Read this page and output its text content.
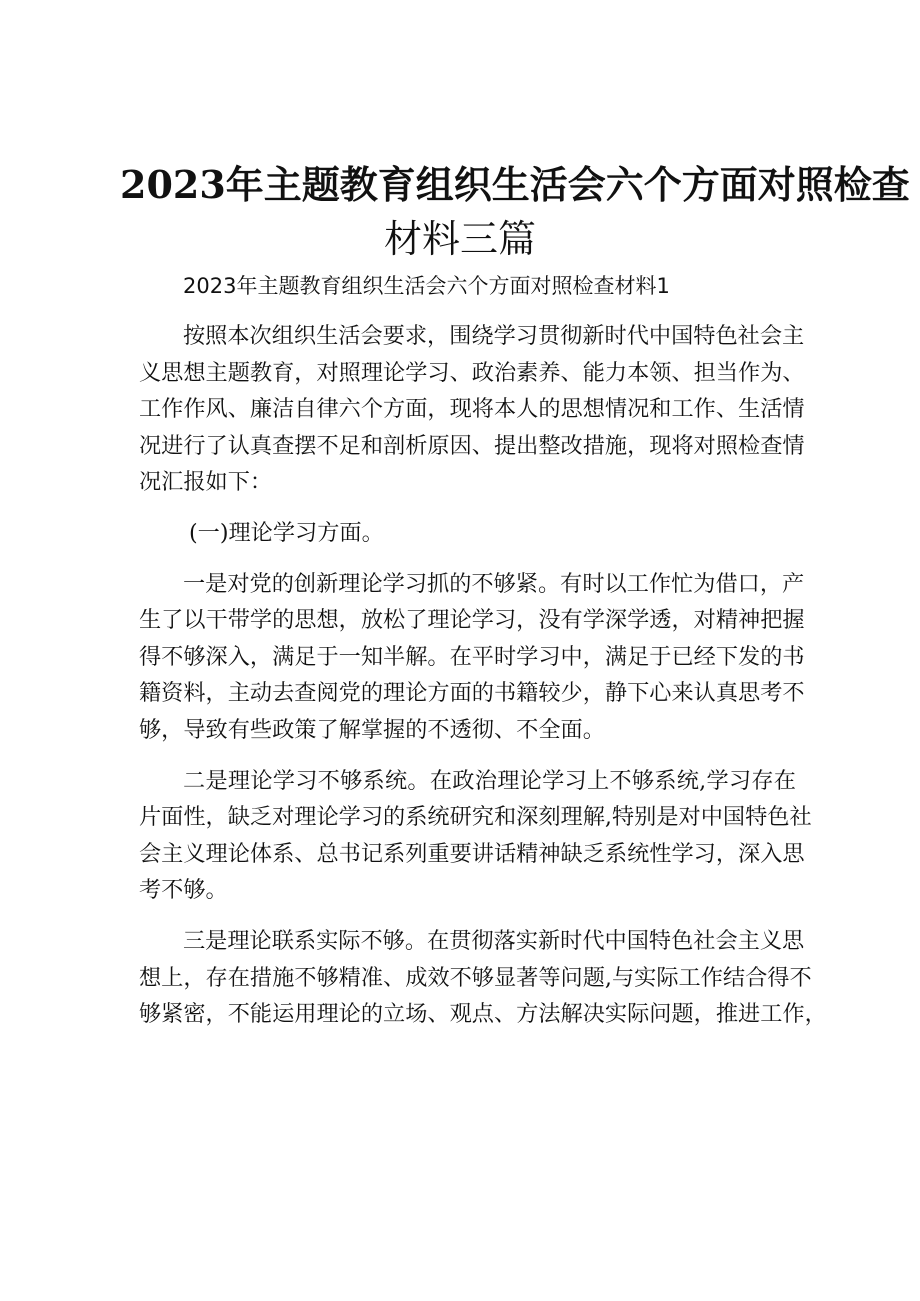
2023年主题教育组织生活会六个方面对照检查
材料三篇
2023年主题教育组织生活会六个方面对照检查材料1
按照本次组织生活会要求，围绕学习贯彻新时代中国特色社会主
义思想主题教育，对照理论学习、政治素养、能力本领、担当作为、
工作作风、廉洁自律六个方面，现将本人的思想情况和工作、生活情
况进行了认真查摆不足和剖析原因、提出整改措施，现将对照检查情
况汇报如下：
(一)理论学习方面。
一是对党的创新理论学习抓的不够紧。有时以工作忙为借口，产
生了以干带学的思想，放松了理论学习，没有学深学透，对精神把握
得不够深入，满足于一知半解。在平时学习中，满足于已经下发的书
籍资料，主动去查阅党的理论方面的书籍较少，静下心来认真思考不
够，导致有些政策了解掌握的不透彻、不全面。
二是理论学习不够系统。在政治理论学习上不够系统,学习存在
片面性，缺乏对理论学习的系统研究和深刻理解,特别是对中国特色社
会主义理论体系、总书记系列重要讲话精神缺乏系统性学习，深入思
考不够。
三是理论联系实际不够。在贯彻落实新时代中国特色社会主义思
想上，存在措施不够精准、成效不够显著等问题,与实际工作结合得不
够紧密，不能运用理论的立场、观点、方法解决实际问题，推进工作，
